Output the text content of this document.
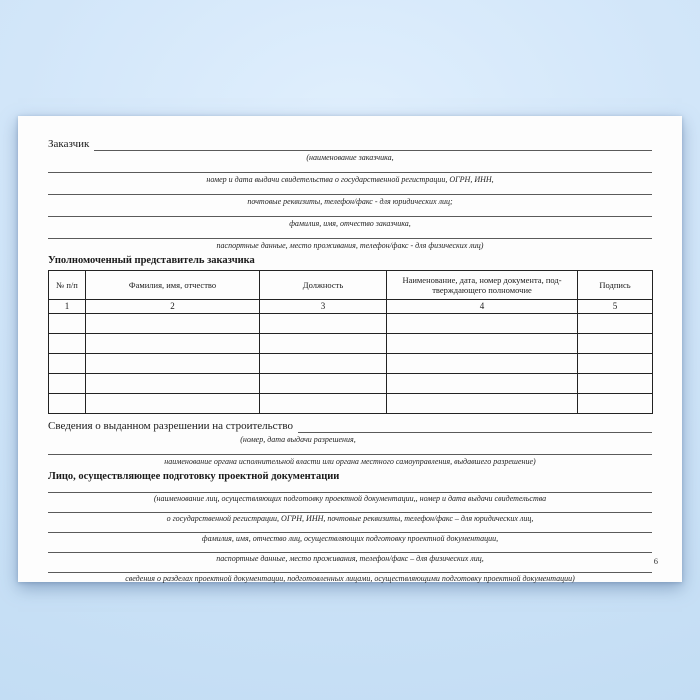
Заказчик
(наименование заказчика,
номер и дата выдачи свидетельства о государственной регистрации, ОГРН, ИНН,
почтовые реквизиты, телефон/факс - для юридических лиц;
фамилия, имя, отчество заказчика,
паспортные данные, место проживания, телефон/факс - для физических лиц)
Уполномоченный представитель заказчика
№ п/п	Фамилия, имя, отчество	Должность	Наименование, дата, номер документа, под-тверждающего полномочие	Подпись
1	2	3	4	5

Сведения о выданном разрешении на строительство
(номер, дата выдачи разрешения,
наименование органа исполнительной власти или органа местного самоуправления, выдавшего разрешение)
Лицо, осуществляющее подготовку проектной документации
(наименование лиц, осуществляющих подготовку проектной документации,, номер и дата выдачи свидетельства
о государственной регистрации, ОГРН, ИНН, почтовые реквизиты, телефон/факс – для юридических лиц,
фамилия, имя, отчество лиц, осуществляющих подготовку проектной документации,
паспортные данные, место проживания, телефон/факс – для физических лиц,
сведения о разделах проектной документации, подготовленных лицами, осуществляющими подготовку проектной документации)
6
